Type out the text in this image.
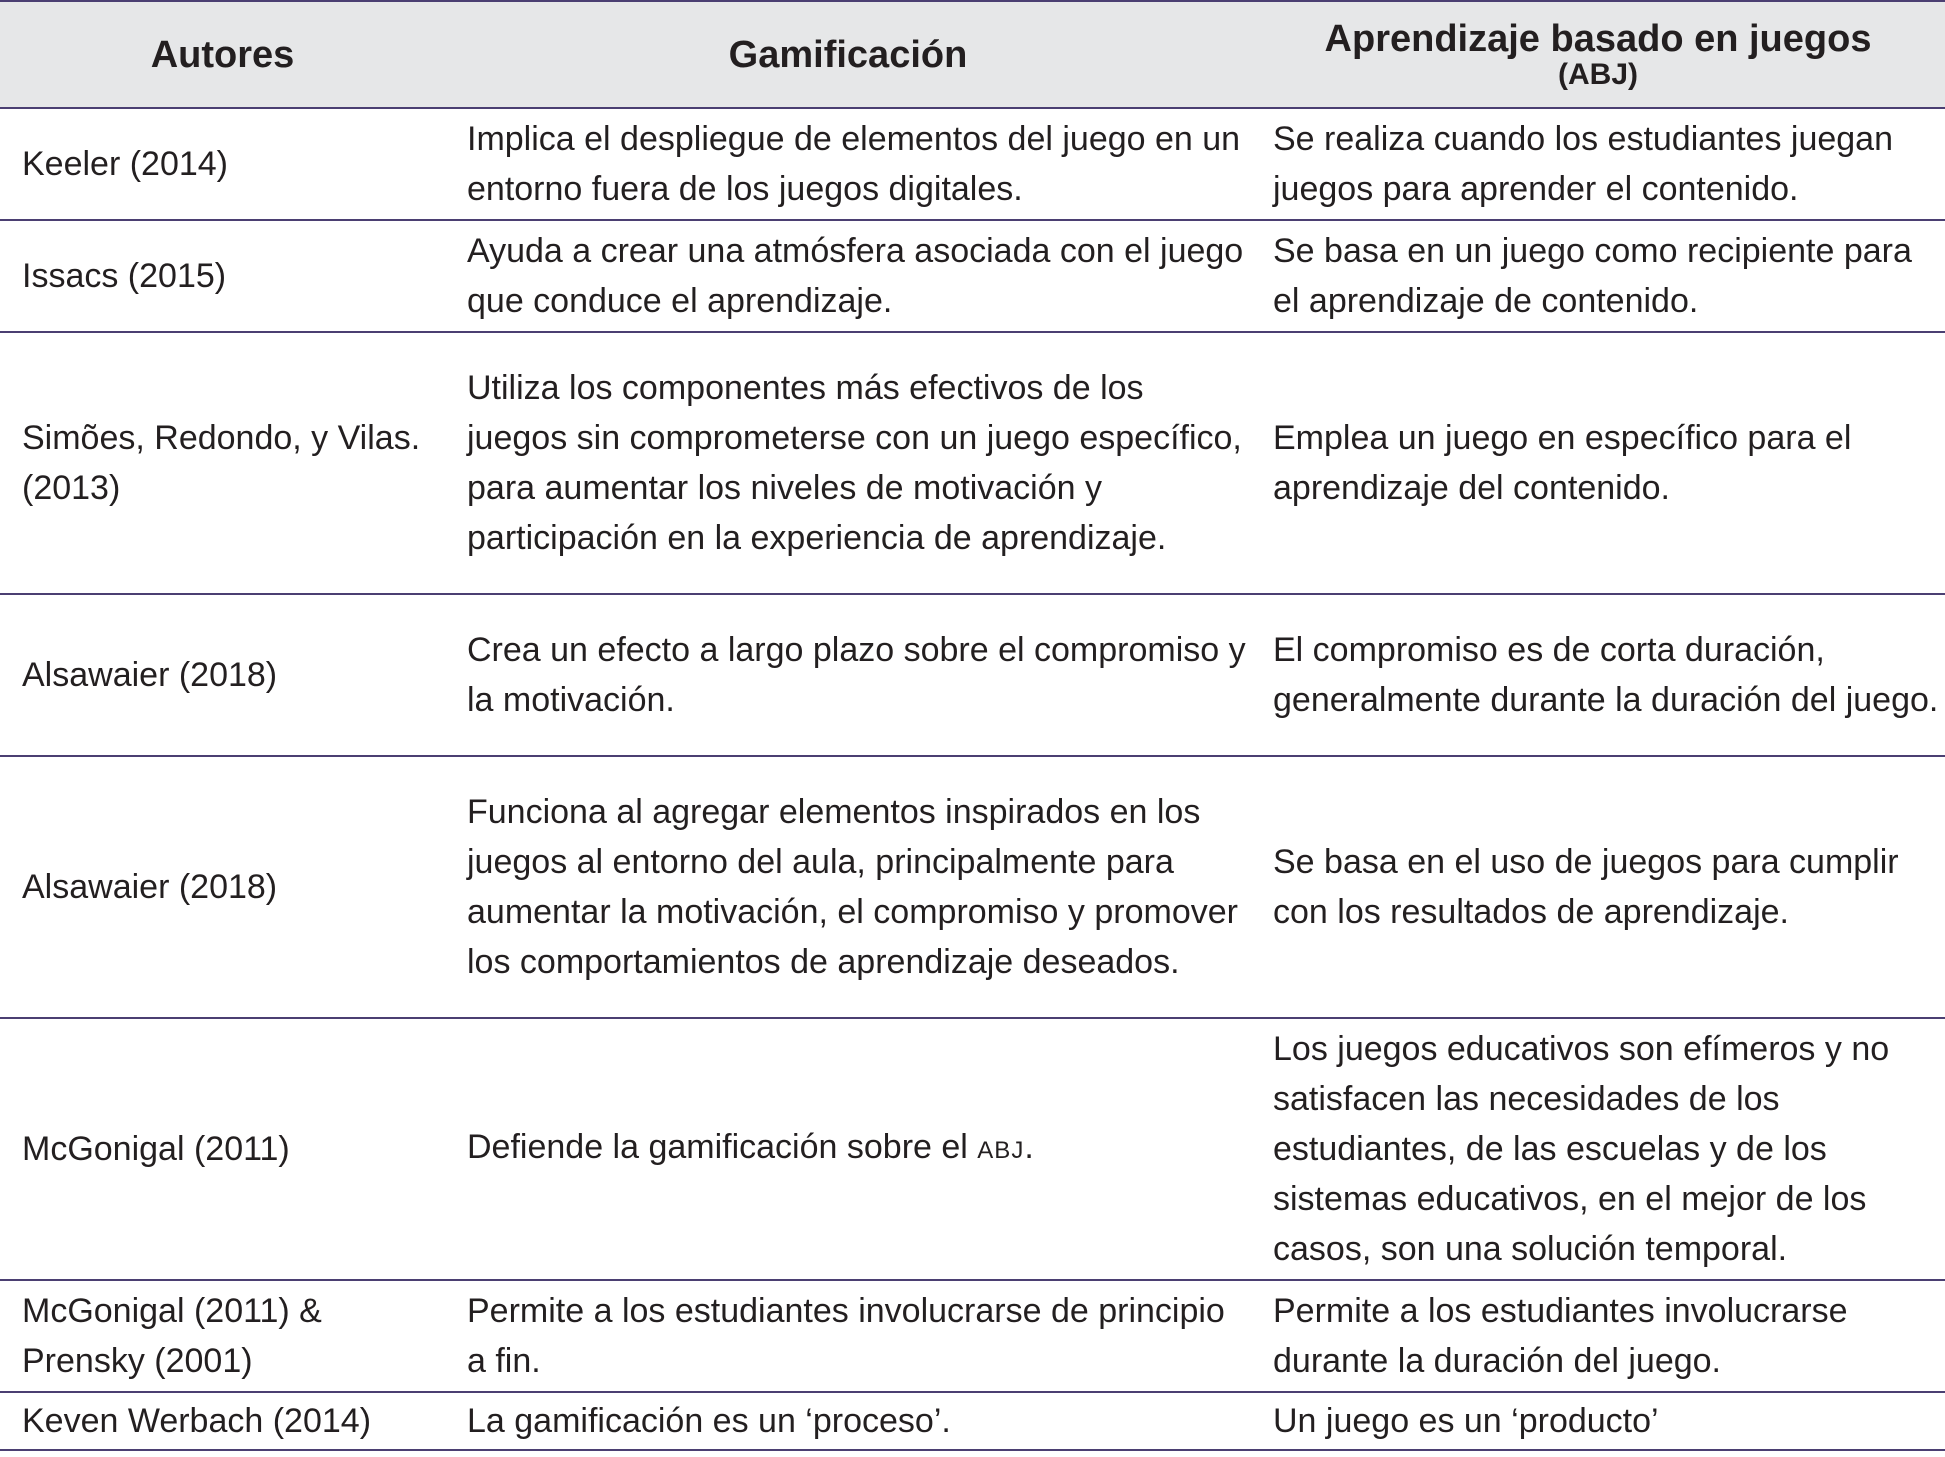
Autores	Gamificación	Aprendizaje basado en juegos
(ABJ)

Keeler (2014)	Implica el despliegue de elementos del juego en un entorno fuera de los juegos digitales.	Se realiza cuando los estudiantes juegan juegos para aprender el contenido.
Issacs (2015)	Ayuda a crear una atmósfera asociada con el juego que conduce el aprendizaje.	Se basa en un juego como recipiente para el aprendizaje de contenido.
Simões, Redondo, y Vilas. (2013)	Utiliza los componentes más efectivos de los juegos sin comprometerse con un juego específico, para aumentar los niveles de motivación y participación en la experiencia de aprendizaje.	Emplea un juego en específico para el aprendizaje del contenido.
Alsawaier (2018)	Crea un efecto a largo plazo sobre el compromiso y la motivación.	El compromiso es de corta duración, generalmente durante la duración del juego.
Alsawaier (2018)	Funciona al agregar elementos inspirados en los juegos al entorno del aula, principalmente para aumentar la motivación, el compromiso y promover los comportamientos de aprendizaje deseados.	Se basa en el uso de juegos para cumplir con los resultados de aprendizaje.
McGonigal (2011)	Defiende la gamificación sobre el ABJ.	Los juegos educativos son efímeros y no satisfacen las necesidades de los estudiantes, de las escuelas y de los sistemas educativos, en el mejor de los casos, son una solución temporal.
McGonigal (2011) & Prensky (2001)	Permite a los estudiantes involucrarse de principio a fin.	Permite a los estudiantes involucrarse durante la duración del juego.
Keven Werbach (2014)	La gamificación es un ‘proceso’.	Un juego es un ‘producto’
